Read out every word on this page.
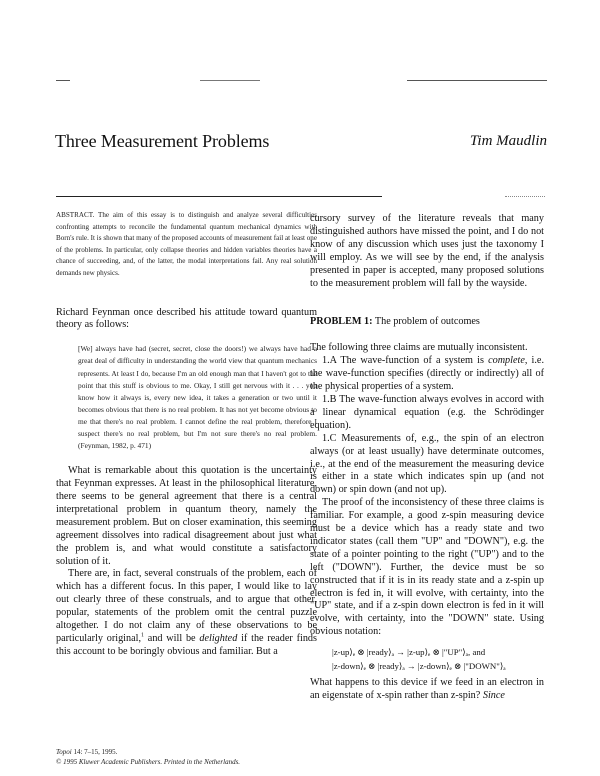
Three Measurement Problems	Tim Maudlin

ABSTRACT. The aim of this essay is to distinguish and analyze several difficulties confronting attempts to reconcile the fundamental quantum mechanical dynamics with Born's rule. It is shown that many of the proposed accounts of measurement fail at least one of the problems. In particular, only collapse theories and hidden variables theories have a chance of succeeding, and, of the latter, the modal interpretations fail. Any real solution demands new physics.

Richard Feynman once described his attitude toward quantum theory as follows:

[We] always have had (secret, secret, close the doors!) we always have had a great deal of difficulty in understanding the world view that quantum mechanics represents. At least I do, because I'm an old enough man that I haven't got to the point that this stuff is obvious to me. Okay, I still get nervous with it . . . you know how it always is, every new idea, it takes a generation or two until it becomes obvious that there is no real problem. It has not yet become obvious to me that there's no real problem. I cannot define the real problem, therefore I suspect there's no real problem, but I'm not sure there's no real problem. (Feynman, 1982, p. 471)

What is remarkable about this quotation is the uncertainty that Feynman expresses. At least in the philosophical literature, there seems to be general agreement that there is a central interpretational problem in quantum theory, namely the measurement problem. But on closer examination, this seeming agreement dissolves into radical disagreement about just what the problem is, and what would constitute a satisfactory solution of it.

There are, in fact, several construals of the problem, each of which has a different focus. In this paper, I would like to lay out clearly three of these construals, and to argue that other, popular, statements of the problem omit the central puzzle altogether. I do not claim any of these observations to be particularly original,$^1$ and will be delighted if the reader finds this account to be boringly obvious and familiar. But a

cursory survey of the literature reveals that many distinguished authors have missed the point, and I do not know of any discussion which uses just the taxonomy I will employ. As we will see by the end, if the analysis presented in paper is accepted, many proposed solutions to the measurement problem will fall by the wayside.

PROBLEM 1: The problem of outcomes

The following three claims are mutually inconsistent.

1.A The wave-function of a system is complete, i.e. the wave-function specifies (directly or indirectly) all of the physical properties of a system.

1.B The wave-function always evolves in accord with a linear dynamical equation (e.g. the Schrödinger equation).

1.C Measurements of, e.g., the spin of an electron always (or at least usually) have determinate outcomes, i.e., at the end of the measurement the measuring device is either in a state which indicates spin up (and not down) or spin down (and not up).

The proof of the inconsistency of these three claims is familiar. For example, a good z-spin measuring device must be a device which has a ready state and two indicator states (call them "UP" and "DOWN"), e.g. the state of a pointer pointing to the right ("UP") and to the left ("DOWN"). Further, the device must be so constructed that if it is in its ready state and a z-spin up electron is fed in, it will evolve, with certainty, into the "UP" state, and if a z-spin down electron is fed in it will evolve, with certainty, into the "DOWN" state. Using obvious notation:

|z-up⟩ₑ ⊗ |ready⟩ₐ → |z-up⟩ₑ ⊗ |"UP"⟩ₐ, and
|z-down⟩ₑ ⊗ |ready⟩ₐ → |z-down⟩ₑ ⊗ |"DOWN"⟩ₐ

What happens to this device if we feed in an electron in an eigenstate of x-spin rather than z-spin? Since

Topoi 14: 7–15, 1995.
© 1995 Kluwer Academic Publishers. Printed in the Netherlands.
